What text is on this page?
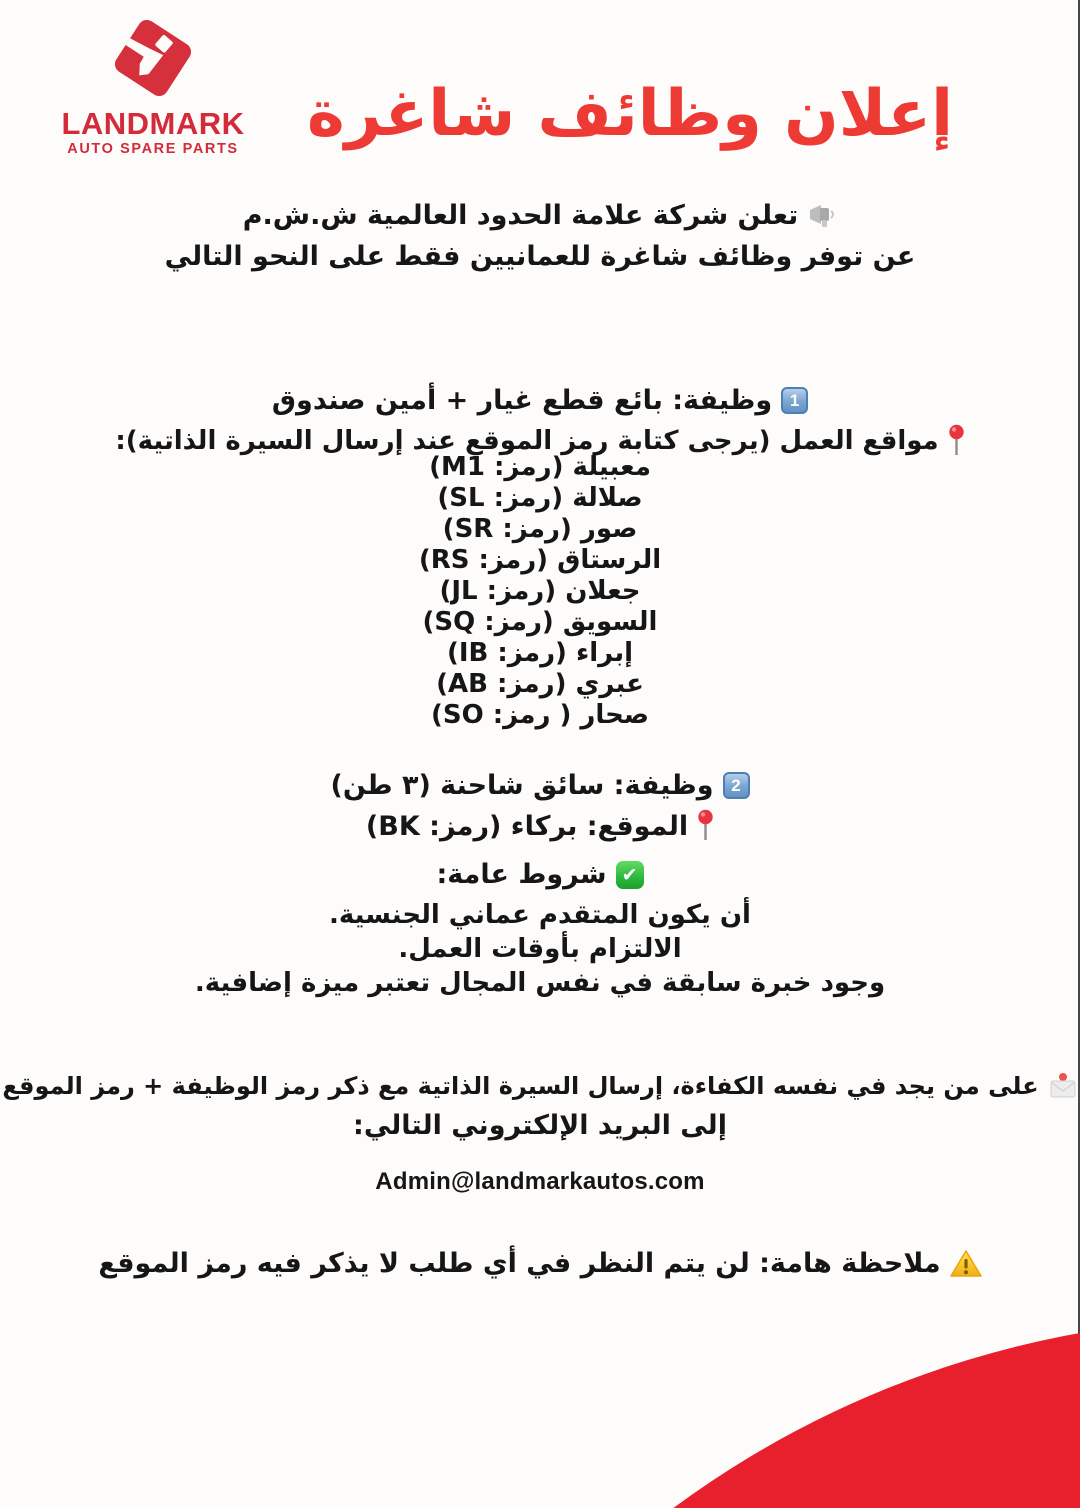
LANDMARK
AUTO SPARE PARTS	إعلان وظائف شاغرة
تعلن شركة علامة الحدود العالمية ش.ش.م
عن توفر وظائف شاغرة للعمانيين فقط على النحو التالي
1
وظيفة: بائع قطع غيار + أمين صندوق
مواقع العمل (يرجى كتابة رمز الموقع عند إرسال السيرة الذاتية):
معبيلة (رمز: M1)
صلالة (رمز: SL)
صور (رمز: SR)
الرستاق (رمز: RS)
جعلان (رمز: JL)
السويق (رمز: SQ)
إبراء (رمز: IB)
عبري (رمز: AB)
صحار ( رمز: SO)
2
وظيفة: سائق شاحنة (٣ طن)
الموقع: بركاء (رمز: BK)
✔
شروط عامة:
أن يكون المتقدم عماني الجنسية.
الالتزام بأوقات العمل.
وجود خبرة سابقة في نفس المجال تعتبر ميزة إضافية.
على من يجد في نفسه الكفاءة، إرسال السيرة الذاتية مع ذكر رمز الوظيفة + رمز الموقع
إلى البريد الإلكتروني التالي:
Admin@landmarkautos.com
ملاحظة هامة: لن يتم النظر في أي طلب لا يذكر فيه رمز الموقع
